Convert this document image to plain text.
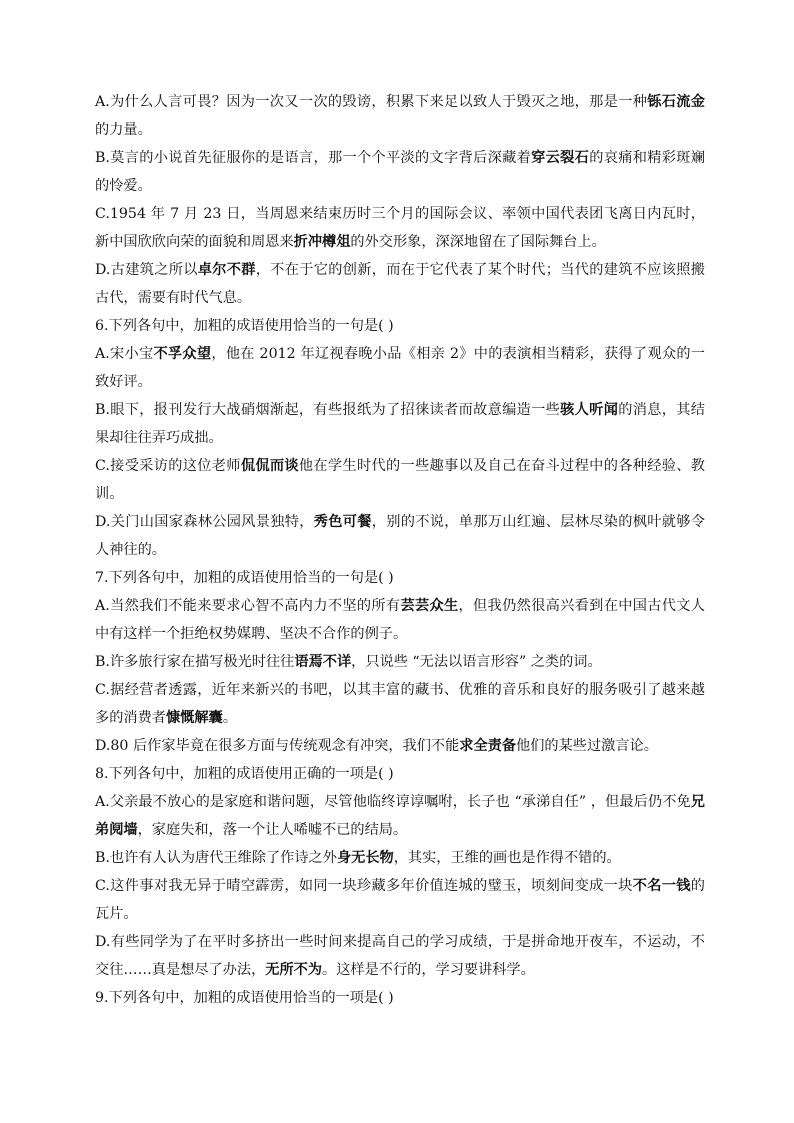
A.为什么人言可畏？因为一次又一次的毁谤，积累下来足以致人于毁灭之地，那是一种铄石流金的力量。

B.莫言的小说首先征服你的是语言，那一个个平淡的文字背后深藏着穿云裂石的哀痛和精彩斑斓的怜爱。

C.1954 年 7 月 23 日，当周恩来结束历时三个月的国际会议、率领中国代表团飞离日内瓦时，新中国欣欣向荣的面貌和周恩来折冲樽俎的外交形象，深深地留在了国际舞台上。

D.古建筑之所以卓尔不群，不在于它的创新，而在于它代表了某个时代；当代的建筑不应该照搬古代，需要有时代气息。

6.下列各句中，加粗的成语使用恰当的一句是( )

A.宋小宝不孚众望，他在 2012 年辽视春晚小品《相亲 2》中的表演相当精彩，获得了观众的一致好评。

B.眼下，报刊发行大战硝烟渐起，有些报纸为了招徕读者而故意编造一些骇人听闻的消息，其结果却往往弄巧成拙。

C.接受采访的这位老师侃侃而谈他在学生时代的一些趣事以及自己在奋斗过程中的各种经验、教训。

D.关门山国家森林公园风景独特，秀色可餐，别的不说，单那万山红遍、层林尽染的枫叶就够令人神往的。

7.下列各句中，加粗的成语使用恰当的一句是( )

A.当然我们不能来要求心智不高内力不坚的所有芸芸众生，但我仍然很高兴看到在中国古代文人中有这样一个拒绝权势媒聘、坚决不合作的例子。

B.许多旅行家在描写极光时往往语焉不详，只说些 “无法以语言形容” 之类的词。

C.据经营者透露，近年来新兴的书吧，以其丰富的藏书、优雅的音乐和良好的服务吸引了越来越多的消费者慷慨解囊。

D.80 后作家毕竟在很多方面与传统观念有冲突，我们不能求全责备他们的某些过激言论。

8.下列各句中，加粗的成语使用正确的一项是( )

A.父亲最不放心的是家庭和谐问题，尽管他临终谆谆嘱咐，长子也 “承涕自任” ，但最后仍不免兄弟阋墙，家庭失和，落一个让人唏嘘不已的结局。

B.也许有人认为唐代王维除了作诗之外身无长物，其实，王维的画也是作得不错的。

C.这件事对我无异于晴空霹雳，如同一块珍藏多年价值连城的璧玉，顷刻间变成一块不名一钱的瓦片。

D.有些同学为了在平时多挤出一些时间来提高自己的学习成绩，于是拼命地开夜车，不运动，不交往……真是想尽了办法，无所不为。这样是不行的，学习要讲科学。

9.下列各句中，加粗的成语使用恰当的一项是( )
